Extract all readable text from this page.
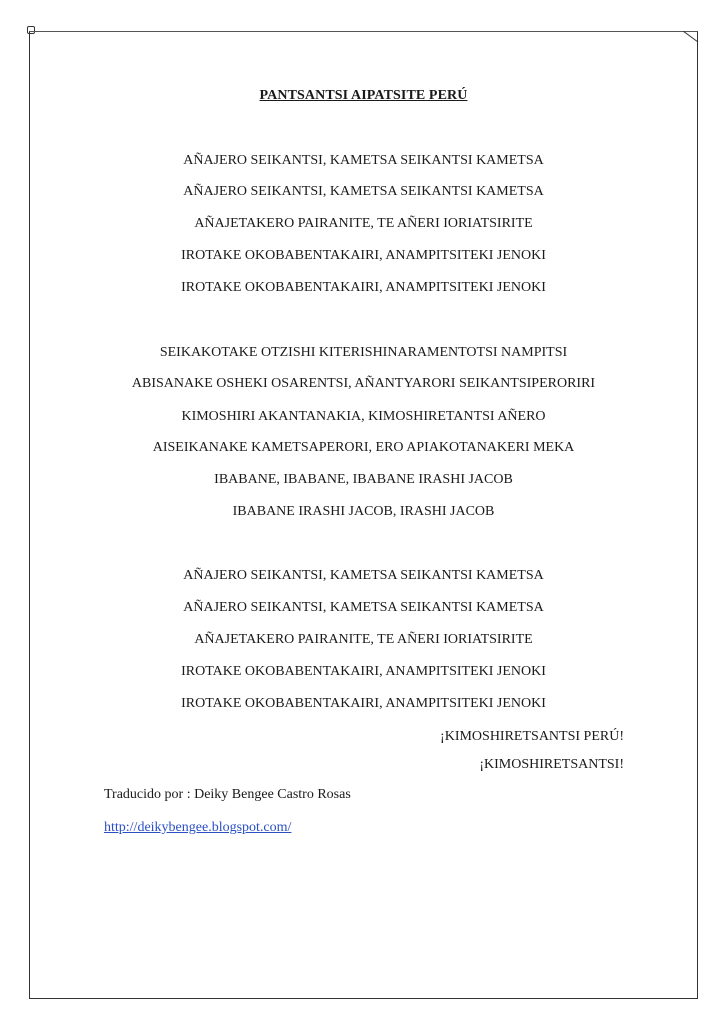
PANTSANTSI AIPATSITE PERÚ
AÑAJERO SEIKANTSI, KAMETSA SEIKANTSI KAMETSA
AÑAJERO SEIKANTSI, KAMETSA SEIKANTSI KAMETSA
AÑAJETAKERO PAIRANITE, TE AÑERI IORIATSIRITE
IROTAKE OKOBABENTAKAIRI, ANAMPITSITEKI JENOKI
IROTAKE OKOBABENTAKAIRI, ANAMPITSITEKI JENOKI
SEIKAKOTAKE OTZISHI KITERISHINARAMENTOTSI NAMPITSI
ABISANAKE OSHEKI OSARENTSI, AÑANTYARORI SEIKANTSIPERORIRI
KIMOSHIRI AKANTANAKIA, KIMOSHIRETANTSI AÑERO
AISEIKANAKE KAMETSAPERORI, ERO APIAKOTANAKERI MEKA
IBABANE, IBABANE, IBABANE IRASHI JACOB
IBABANE IRASHI JACOB, IRASHI JACOB
AÑAJERO SEIKANTSI, KAMETSA SEIKANTSI KAMETSA
AÑAJERO SEIKANTSI, KAMETSA SEIKANTSI KAMETSA
AÑAJETAKERO PAIRANITE, TE AÑERI IORIATSIRITE
IROTAKE OKOBABENTAKAIRI, ANAMPITSITEKI JENOKI
IROTAKE OKOBABENTAKAIRI, ANAMPITSITEKI JENOKI
¡KIMOSHIRETSANTSI PERÚ!
¡KIMOSHIRETSANTSI!
Traducido por : Deiky Bengee Castro Rosas
http://deikybengee.blogspot.com/
